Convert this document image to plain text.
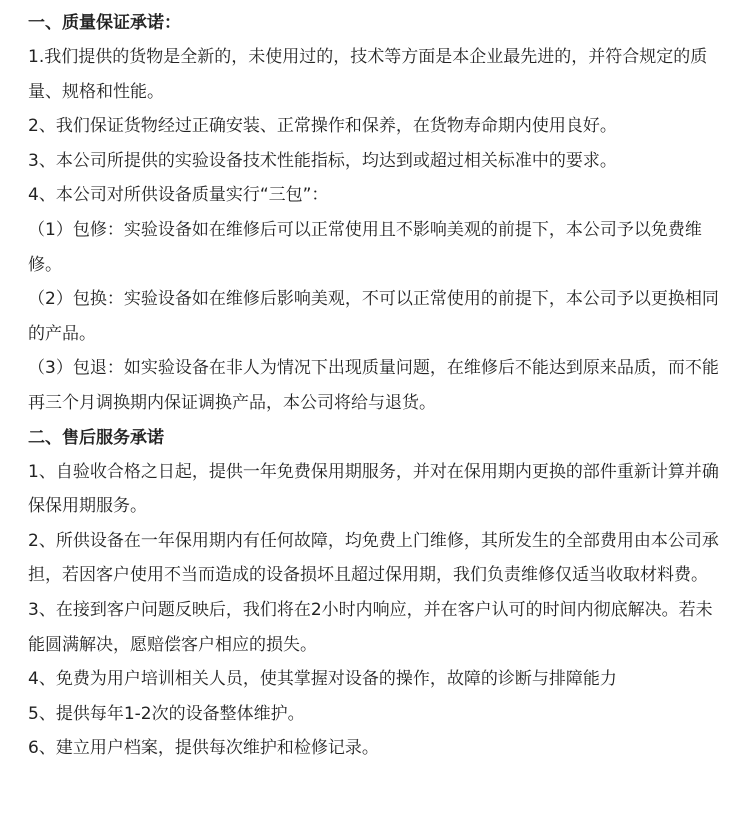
一、质量保证承诺：
1.我们提供的货物是全新的，未使用过的，技术等方面是本企业最先进的，并符合规定的质量、规格和性能。
2、我们保证货物经过正确安装、正常操作和保养，在货物寿命期内使用良好。
3、本公司所提供的实验设备技术性能指标，均达到或超过相关标准中的要求。
4、本公司对所供设备质量实行“三包”：
（1）包修：实验设备如在维修后可以正常使用且不影响美观的前提下，本公司予以免费维修。
（2）包换：实验设备如在维修后影响美观，不可以正常使用的前提下，本公司予以更换相同的产品。
（3）包退：如实验设备在非人为情况下出现质量问题，在维修后不能达到原来品质，而不能再三个月调换期内保证调换产品，本公司将给与退货。
二、售后服务承诺
1、自验收合格之日起，提供一年免费保用期服务，并对在保用期内更换的部件重新计算并确保保用期服务。
2、所供设备在一年保用期内有任何故障，均免费上门维修，其所发生的全部费用由本公司承担，若因客户使用不当而造成的设备损坏且超过保用期，我们负责维修仅适当收取材料费。
3、在接到客户问题反映后，我们将在2小时内响应，并在客户认可的时间内彻底解决。若未能圆满解决，愿赔偿客户相应的损失。
4、免费为用户培训相关人员，使其掌握对设备的操作，故障的诊断与排障能力
5、提供每年1-2次的设备整体维护。
6、建立用户档案，提供每次维护和检修记录。
